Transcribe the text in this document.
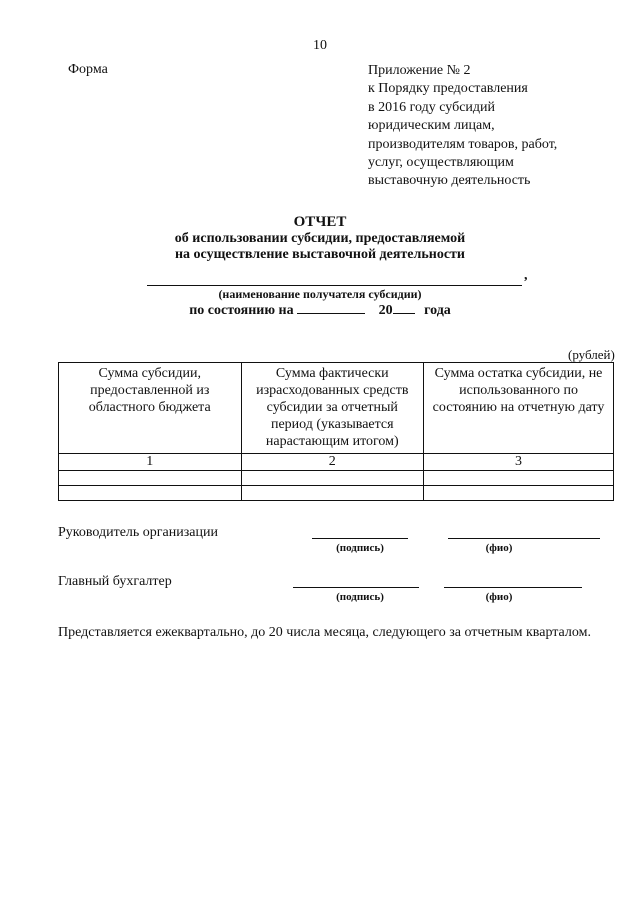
10
Форма	Приложение № 2
к Порядку предоставления
в 2016 году субсидий
юридическим лицам,
производителям товаров, работ,
услуг, осуществляющим
выставочную деятельность
ОТЧЕТ
об использовании субсидии, предоставляемой
на осуществление выставочной деятельности
,
(наименование получателя субсидии)
по состоянию на	20 года
(рублей)
Сумма субсидии, предоставленной из областного бюджета	Сумма фактически израсходованных средств субсидии за отчетный период (указывается нарастающим итогом)	Сумма остатка субсидии, не использованного по состоянию на отчетную дату
1	2	3

Руководитель организации
(подпись)	(фио)
Главный бухгалтер
(подпись)	(фио)
Представляется ежеквартально, до 20 числа месяца, следующего за отчетным кварталом.
